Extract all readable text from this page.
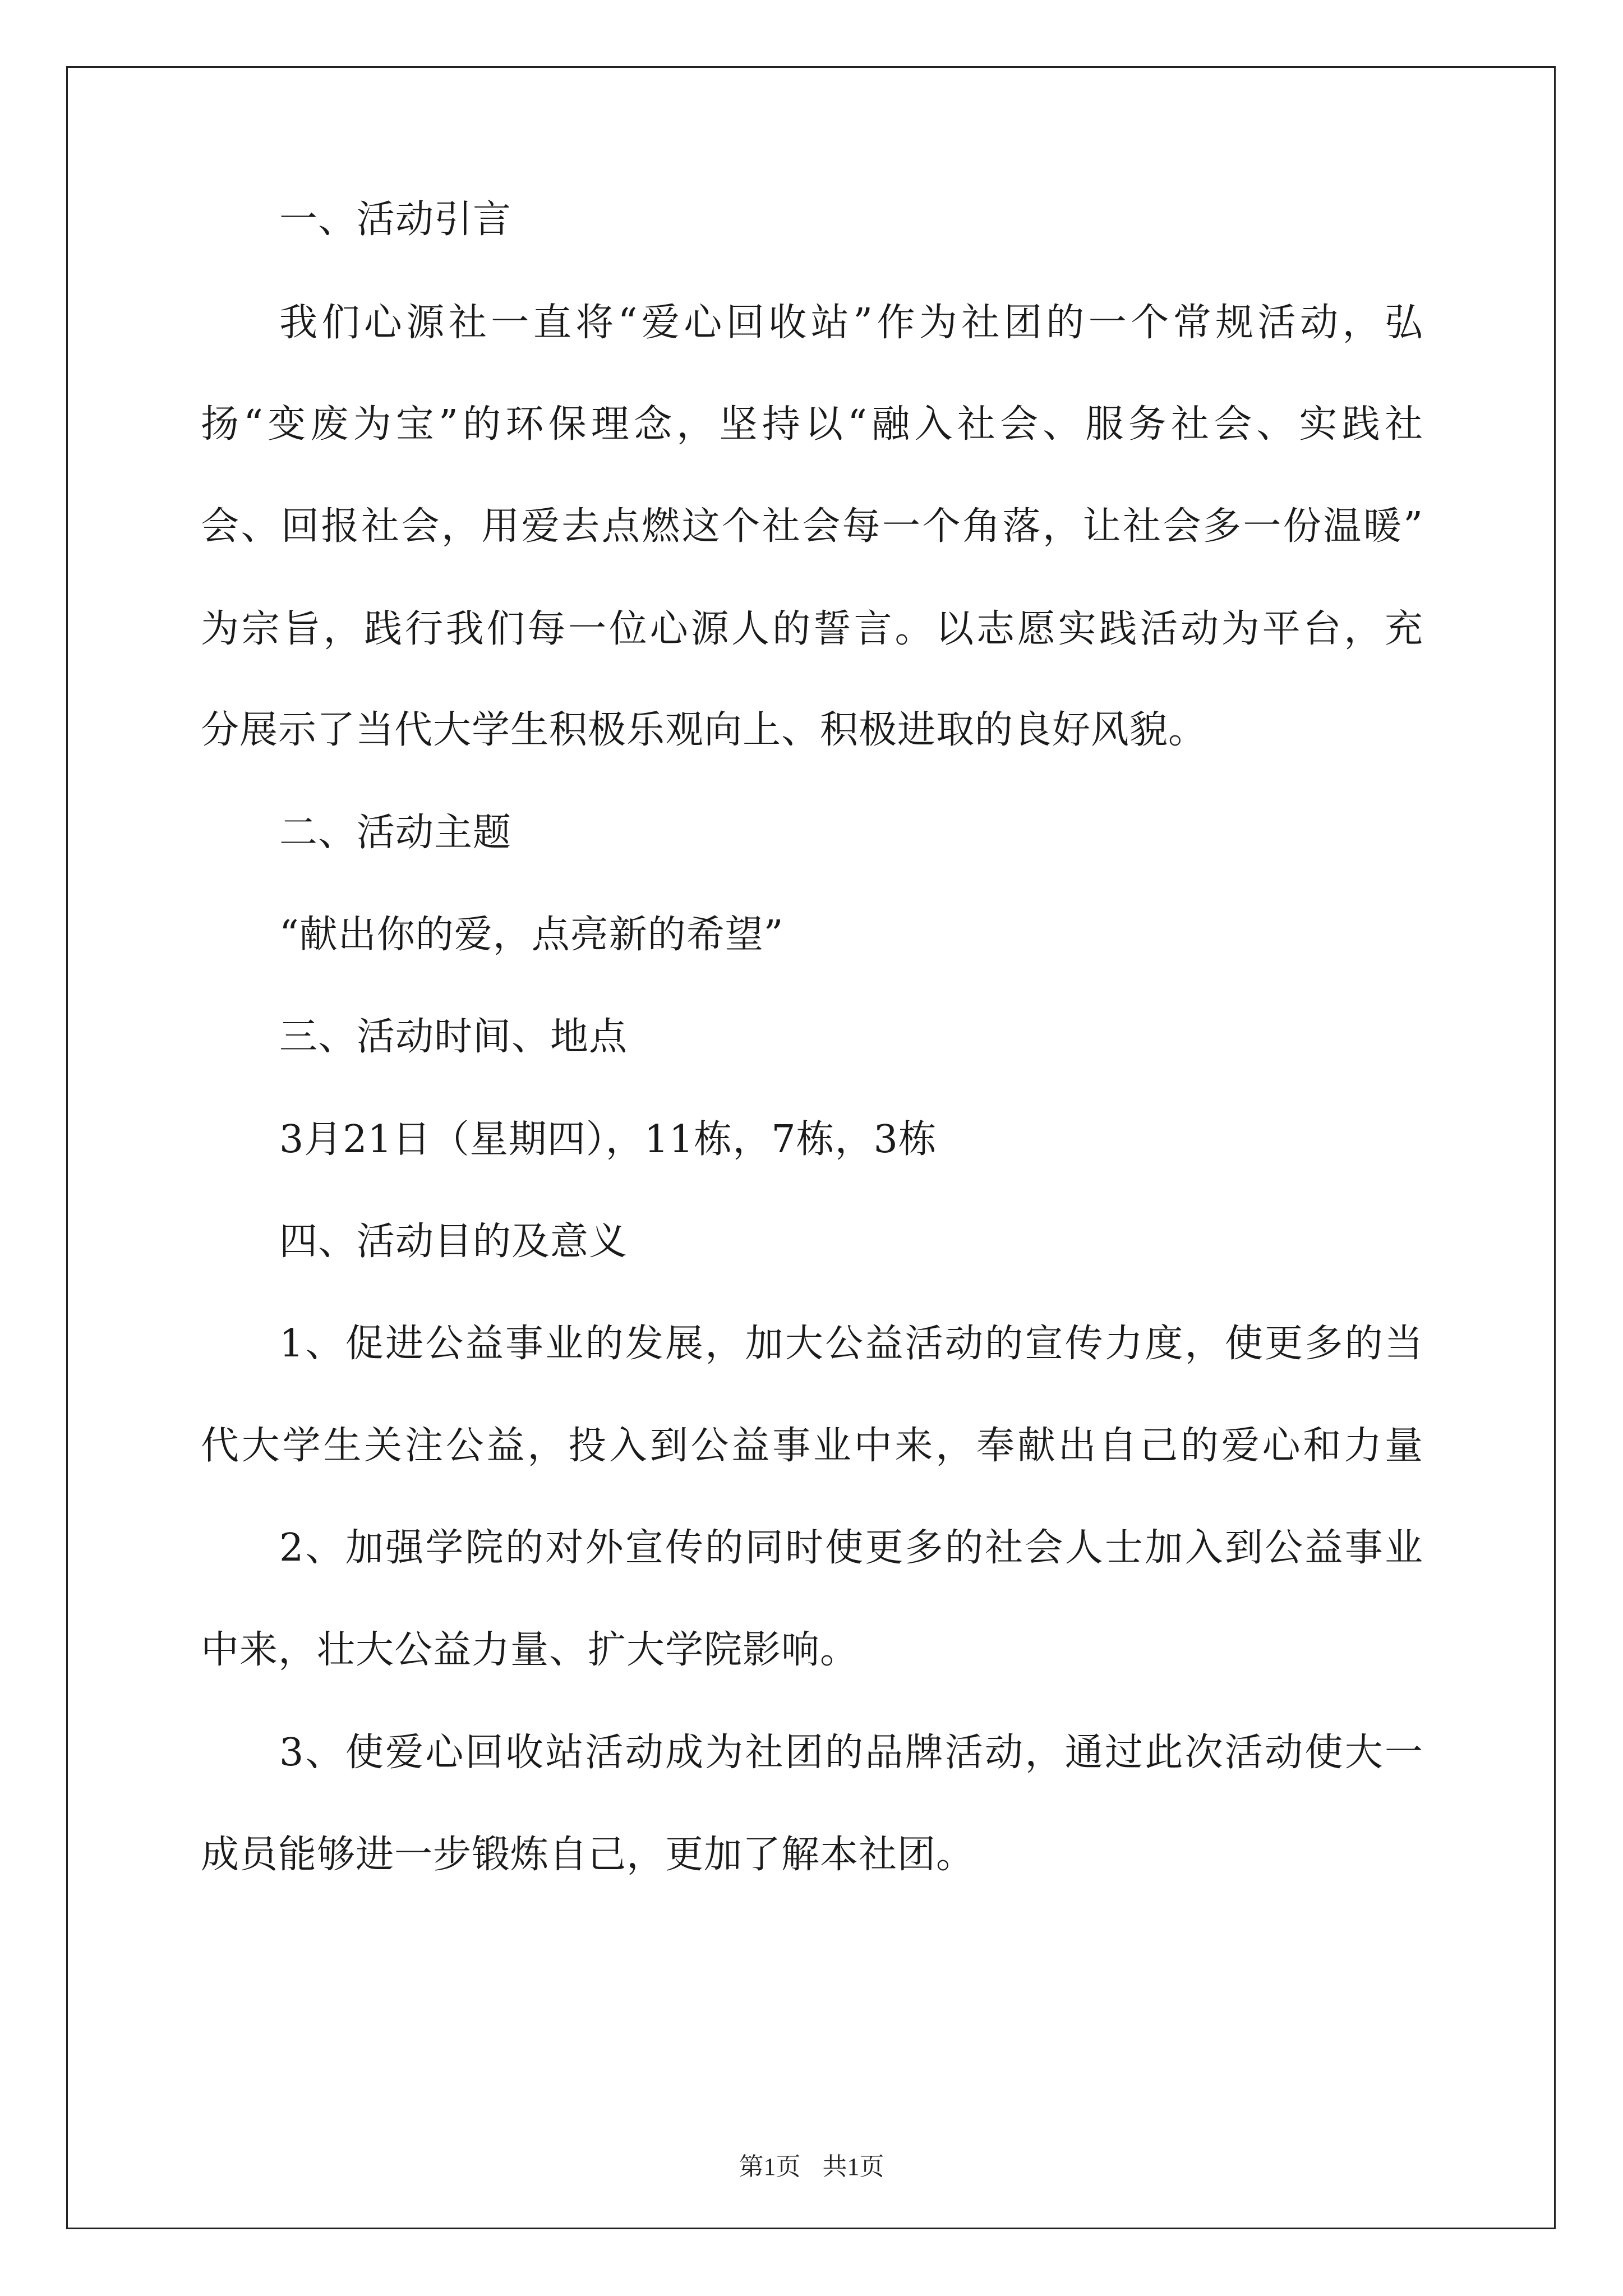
一、活动引言
我们心源社一直将“爱心回收站”作为社团的一个常规活动，弘
扬“变废为宝”的环保理念，坚持以“融入社会、服务社会、实践社
会、回报社会，用爱去点燃这个社会每一个角落，让社会多一份温暖”
为宗旨，践行我们每一位心源人的誓言。以志愿实践活动为平台，充
分展示了当代大学生积极乐观向上、积极进取的良好风貌。
二、活动主题
“献出你的爱，点亮新的希望”
三、活动时间、地点
3月21日（星期四），11栋，7栋，3栋
四、活动目的及意义
1、促进公益事业的发展，加大公益活动的宣传力度，使更多的当
代大学生关注公益，投入到公益事业中来，奉献出自己的爱心和力量
2、加强学院的对外宣传的同时使更多的社会人士加入到公益事业
中来，壮大公益力量、扩大学院影响。
3、使爱心回收站活动成为社团的品牌活动，通过此次活动使大一
成员能够进一步锻炼自己，更加了解本社团。
第1页 共1页
